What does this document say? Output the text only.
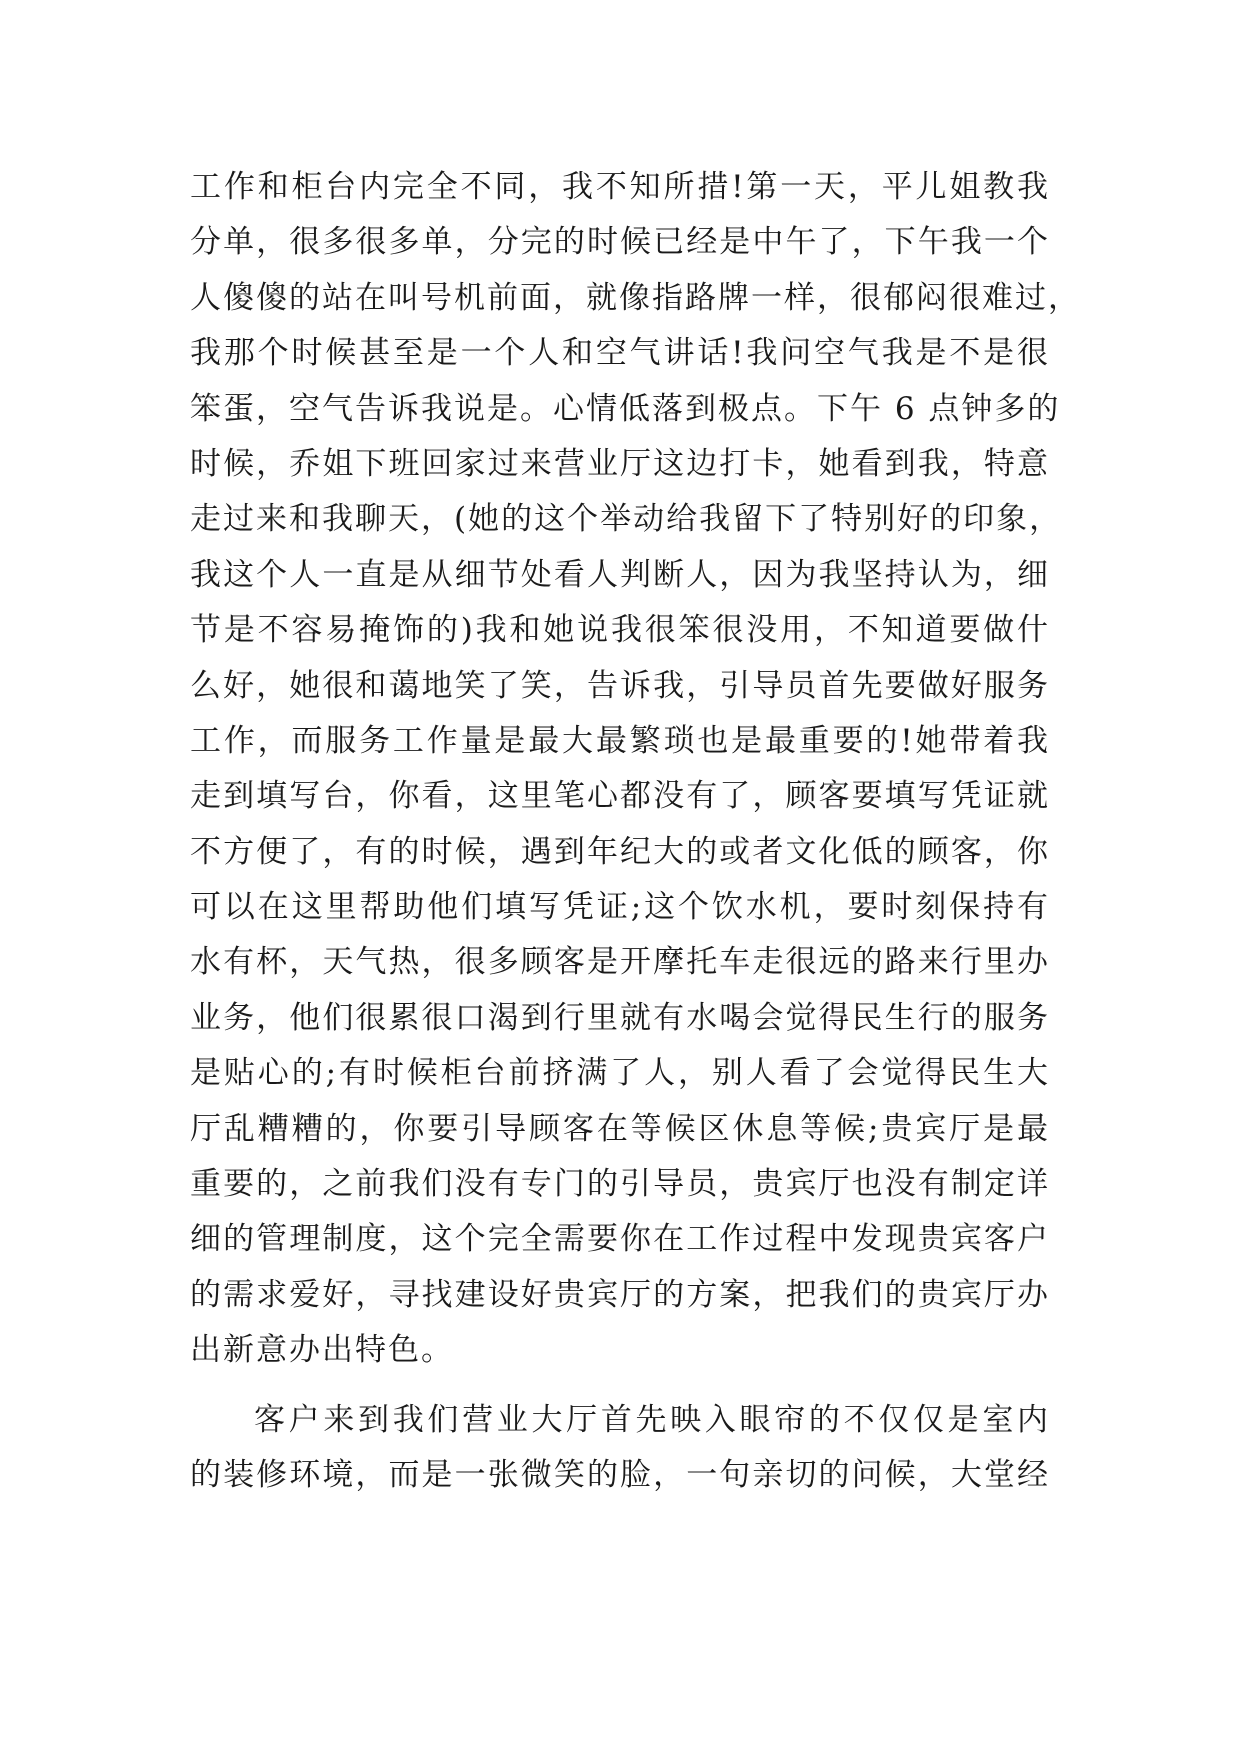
工作和柜台内完全不同，我不知所措!第一天，平儿姐教我
分单，很多很多单，分完的时候已经是中午了，下午我一个
人傻傻的站在叫号机前面，就像指路牌一样，很郁闷很难过，
我那个时候甚至是一个人和空气讲话!我问空气我是不是很
笨蛋，空气告诉我说是。心情低落到极点。下午 6 点钟多的
时候，乔姐下班回家过来营业厅这边打卡，她看到我，特意
走过来和我聊天，(她的这个举动给我留下了特别好的印象，
我这个人一直是从细节处看人判断人，因为我坚持认为，细
节是不容易掩饰的)我和她说我很笨很没用，不知道要做什
么好，她很和蔼地笑了笑，告诉我，引导员首先要做好服务
工作，而服务工作量是最大最繁琐也是最重要的!她带着我
走到填写台，你看，这里笔心都没有了，顾客要填写凭证就
不方便了，有的时候，遇到年纪大的或者文化低的顾客，你
可以在这里帮助他们填写凭证;这个饮水机，要时刻保持有
水有杯，天气热，很多顾客是开摩托车走很远的路来行里办
业务，他们很累很口渴到行里就有水喝会觉得民生行的服务
是贴心的;有时候柜台前挤满了人，别人看了会觉得民生大
厅乱糟糟的，你要引导顾客在等候区休息等候;贵宾厅是最
重要的，之前我们没有专门的引导员，贵宾厅也没有制定详
细的管理制度，这个完全需要你在工作过程中发现贵宾客户
的需求爱好，寻找建设好贵宾厅的方案，把我们的贵宾厅办
出新意办出特色。
客户来到我们营业大厅首先映入眼帘的不仅仅是室内
的装修环境，而是一张微笑的脸，一句亲切的问候，大堂经
